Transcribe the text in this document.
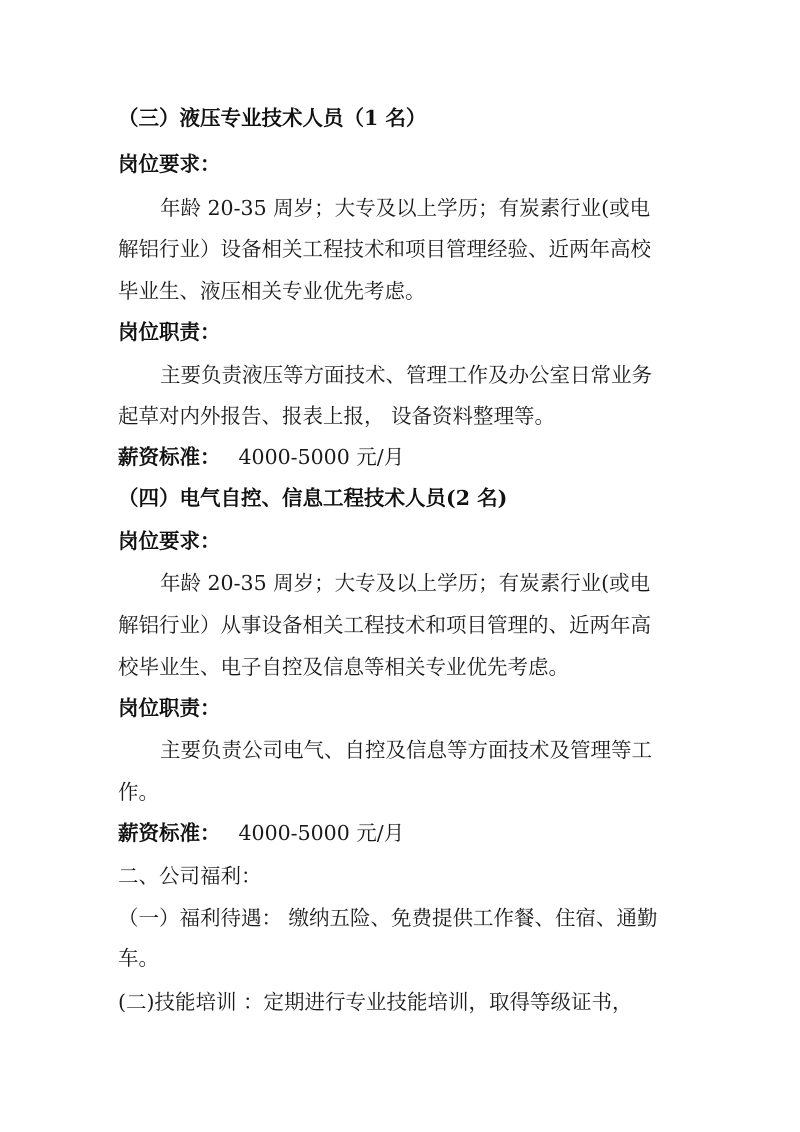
（三）液压专业技术人员（1 名）
岗位要求：
年龄 20-35 周岁；大专及以上学历；有炭素行业(或电
解铝行业）设备相关工程技术和项目管理经验、近两年高校
毕业生、液压相关专业优先考虑。
岗位职责：
主要负责液压等方面技术、管理工作及办公室日常业务
起草对内外报告、报表上报， 设备资料整理等。
薪资标准： 4000-5000 元/月
（四）电气自控、信息工程技术人员(2 名)
岗位要求：
年龄 20-35 周岁；大专及以上学历；有炭素行业(或电
解铝行业）从事设备相关工程技术和项目管理的、近两年高
校毕业生、电子自控及信息等相关专业优先考虑。
岗位职责：
主要负责公司电气、自控及信息等方面技术及管理等工
作。
薪资标准： 4000-5000 元/月
二、公司福利：
（一）福利待遇： 缴纳五险、免费提供工作餐、住宿、通勤
车。
(二)技能培训 ：定期进行专业技能培训，取得等级证书，
